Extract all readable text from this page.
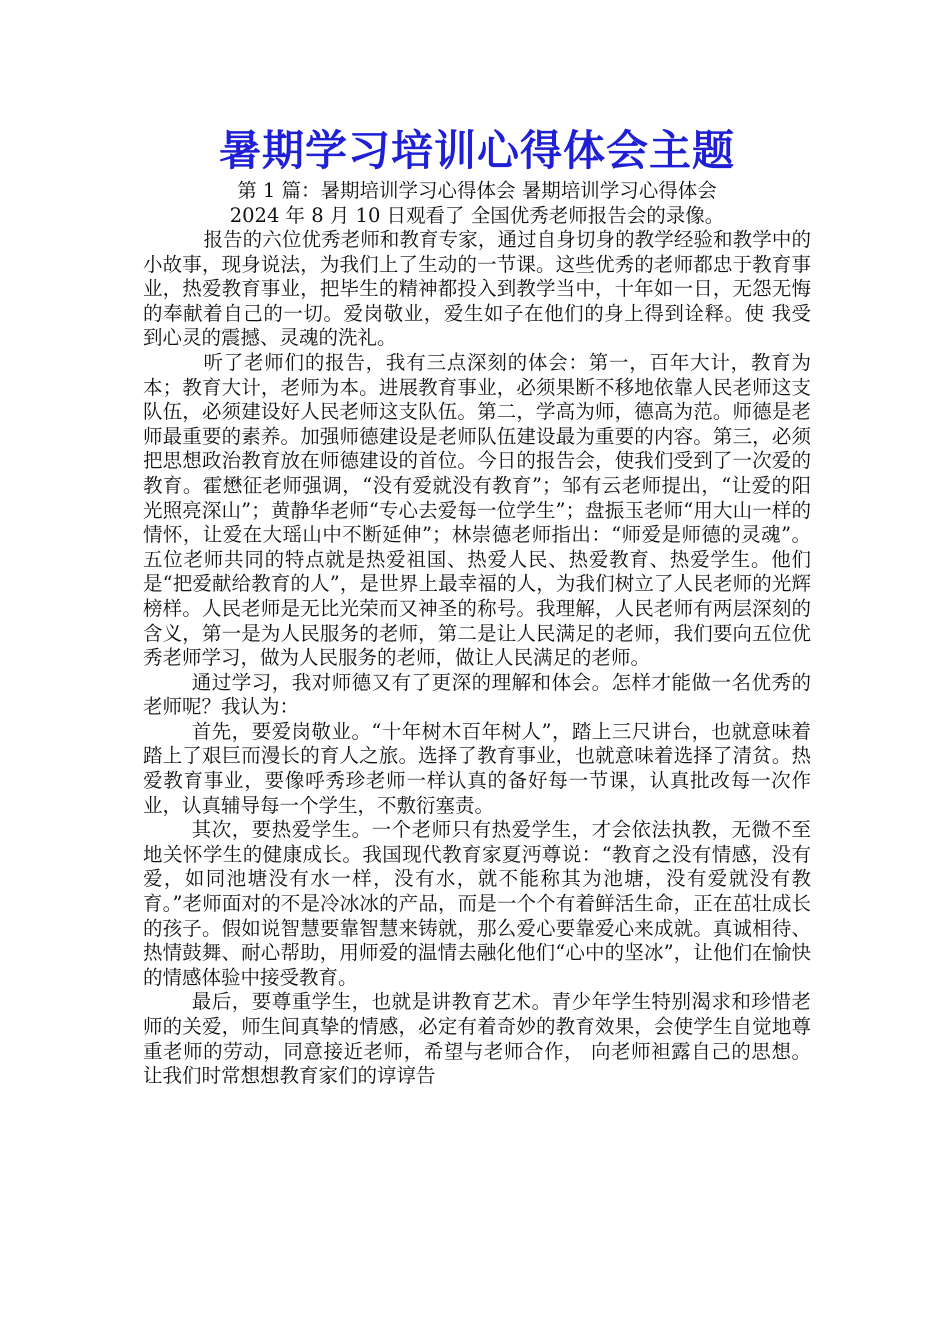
暑期学习培训心得体会主题

第 1 篇：暑期培训学习心得体会 暑期培训学习心得体会

2024 年 8 月 10 日观看了 全国优秀老师报告会的录像。

报告的六位优秀老师和教育专家，通过自身切身的教学经验和教学中的小故事，现身说法，为我们上了生动的一节课。这些优秀的老师都忠于教育事业，热爱教育事业，把毕生的精神都投入到教学当中，十年如一日，无怨无悔的奉献着自己的一切。爱岗敬业，爱生如子在他们的身上得到诠释。使 我受到心灵的震撼、灵魂的洗礼。

听了老师们的报告，我有三点深刻的体会：第一，百年大计，教育为本；教育大计，老师为本。进展教育事业，必须果断不移地依靠人民老师这支队伍，必须建设好人民老师这支队伍。第二，学高为师，德高为范。师德是老师最重要的素养。加强师德建设是老师队伍建设最为重要的内容。第三，必须把思想政治教育放在师德建设的首位。今日的报告会，使我们受到了一次爱的教育。霍懋征老师强调，“没有爱就没有教育”；邹有云老师提出，“让爱的阳光照亮深山”；黄静华老师“专心去爱每一位学生”；盘振玉老师“用大山一样的情怀，让爱在大瑶山中不断延伸”；林崇德老师指出：“师爱是师德的灵魂”。五位老师共同的特点就是热爱祖国、热爱人民、热爱教育、热爱学生。他们是“把爱献给教育的人”，是世界上最幸福的人，为我们树立了人民老师的光辉榜样。人民老师是无比光荣而又神圣的称号。我理解，人民老师有两层深刻的含义，第一是为人民服务的老师，第二是让人民满足的老师，我们要向五位优秀老师学习，做为人民服务的老师，做让人民满足的老师。

通过学习，我对师德又有了更深的理解和体会。怎样才能做一名优秀的老师呢？我认为：

首先，要爱岗敬业。“十年树木百年树人”，踏上三尺讲台，也就意味着踏上了艰巨而漫长的育人之旅。选择了教育事业，也就意味着选择了清贫。热爱教育事业，要像呼秀珍老师一样认真的备好每一节课，认真批改每一次作业，认真辅导每一个学生，不敷衍塞责。

其次，要热爱学生。一个老师只有热爱学生，才会依法执教，无微不至地关怀学生的健康成长。我国现代教育家夏沔尊说：“教育之没有情感，没有爱，如同池塘没有水一样，没有水，就不能称其为池塘，没有爱就没有教育。”老师面对的不是冷冰冰的产品，而是一个个有着鲜活生命，正在茁壮成长的孩子。假如说智慧要靠智慧来铸就，那么爱心要靠爱心来成就。真诚相待、热情鼓舞、耐心帮助，用师爱的温情去融化他们“心中的坚冰”，让他们在愉快的情感体验中接受教育。

最后，要尊重学生，也就是讲教育艺术。青少年学生特别渴求和珍惜老师的关爱，师生间真挚的情感，必定有着奇妙的教育效果，会使学生自觉地尊重老师的劳动，同意接近老师，希望与老师合作， 向老师袒露自己的思想。让我们时常想想教育家们的谆谆告
